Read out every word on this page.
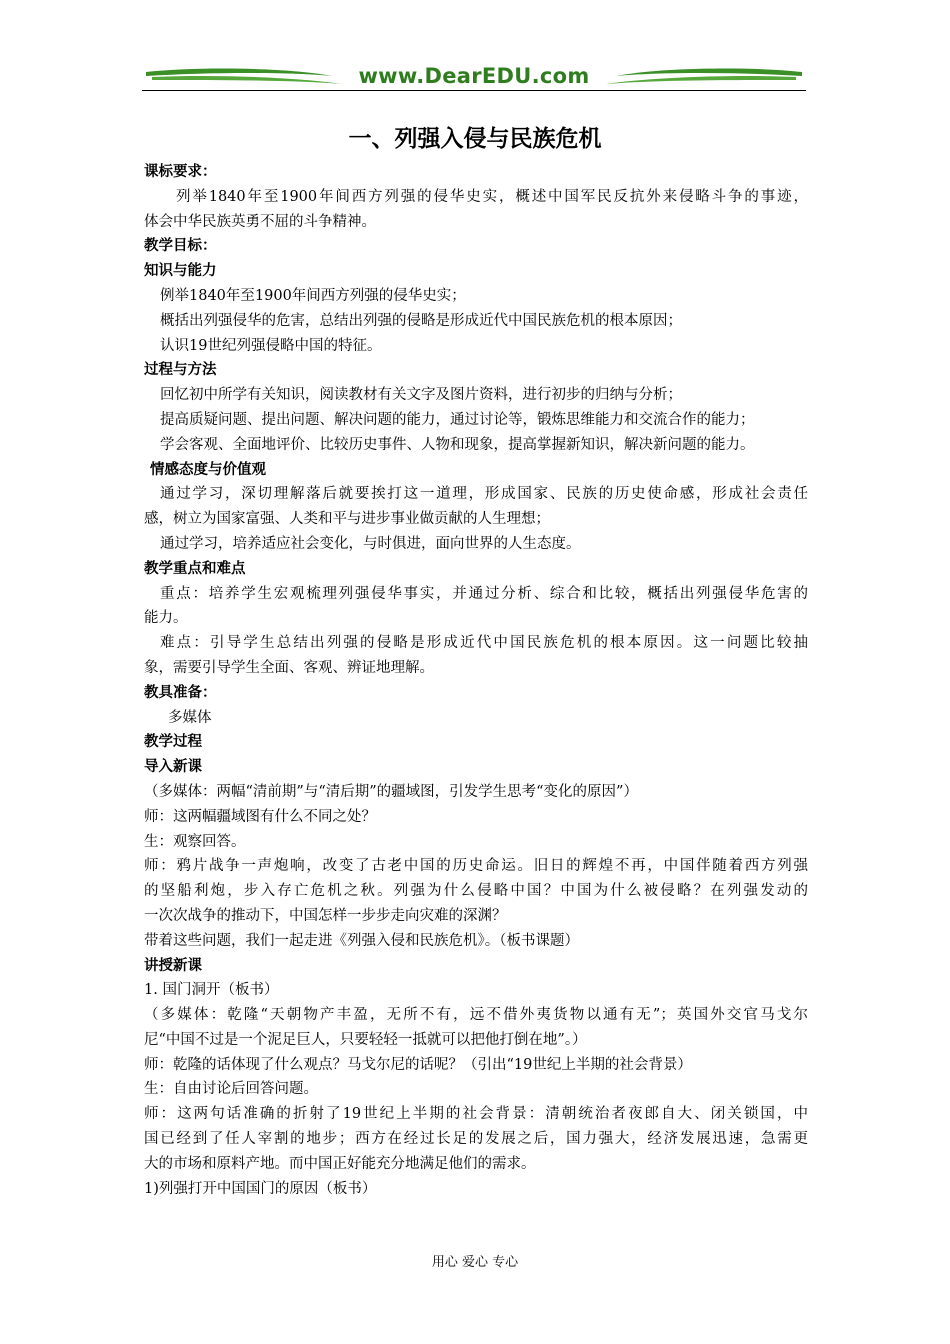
www.DearEDU.com
一、列强入侵与民族危机
课标要求：
列举1840年至1900年间西方列强的侵华史实，概述中国军民反抗外来侵略斗争的事迹，
体会中华民族英勇不屈的斗争精神。
教学目标：
知识与能力
例举1840年至1900年间西方列强的侵华史实；
概括出列强侵华的危害，总结出列强的侵略是形成近代中国民族危机的根本原因；
认识19世纪列强侵略中国的特征。
过程与方法
回忆初中所学有关知识，阅读教材有关文字及图片资料，进行初步的归纳与分析；
提高质疑问题、提出问题、解决问题的能力，通过讨论等，锻炼思维能力和交流合作的能力；
学会客观、全面地评价、比较历史事件、人物和现象，提高掌握新知识，解决新问题的能力。
情感态度与价值观
通过学习，深切理解落后就要挨打这一道理，形成国家、民族的历史使命感，形成社会责任
感，树立为国家富强、人类和平与进步事业做贡献的人生理想；
通过学习，培养适应社会变化，与时俱进，面向世界的人生态度。
教学重点和难点
重点：培养学生宏观梳理列强侵华事实，并通过分析、综合和比较，概括出列强侵华危害的
能力。
难点：引导学生总结出列强的侵略是形成近代中国民族危机的根本原因。这一问题比较抽
象，需要引导学生全面、客观、辨证地理解。
教具准备：
多媒体
教学过程
导入新课
（多媒体：两幅“清前期”与“清后期”的疆域图，引发学生思考“变化的原因”）
师：这两幅疆域图有什么不同之处？
生：观察回答。
师：鸦片战争一声炮响，改变了古老中国的历史命运。旧日的辉煌不再，中国伴随着西方列强
的坚船利炮，步入存亡危机之秋。列强为什么侵略中国？中国为什么被侵略？在列强发动的
一次次战争的推动下，中国怎样一步步走向灾难的深渊？
带着这些问题，我们一起走进《列强入侵和民族危机》。（板书课题）
讲授新课
1. 国门洞开（板书）
（多媒体：乾隆“天朝物产丰盈，无所不有，远不借外夷货物以通有无”；英国外交官马戈尔
尼“中国不过是一个泥足巨人，只要轻轻一抵就可以把他打倒在地”。）
师：乾隆的话体现了什么观点？马戈尔尼的话呢？（引出“19世纪上半期的社会背景）
生：自由讨论后回答问题。
师：这两句话准确的折射了19世纪上半期的社会背景：清朝统治者夜郎自大、闭关锁国，中
国已经到了任人宰割的地步；西方在经过长足的发展之后，国力强大，经济发展迅速，急需更
大的市场和原料产地。而中国正好能充分地满足他们的需求。
1)列强打开中国国门的原因（板书）
用心 爱心 专心
